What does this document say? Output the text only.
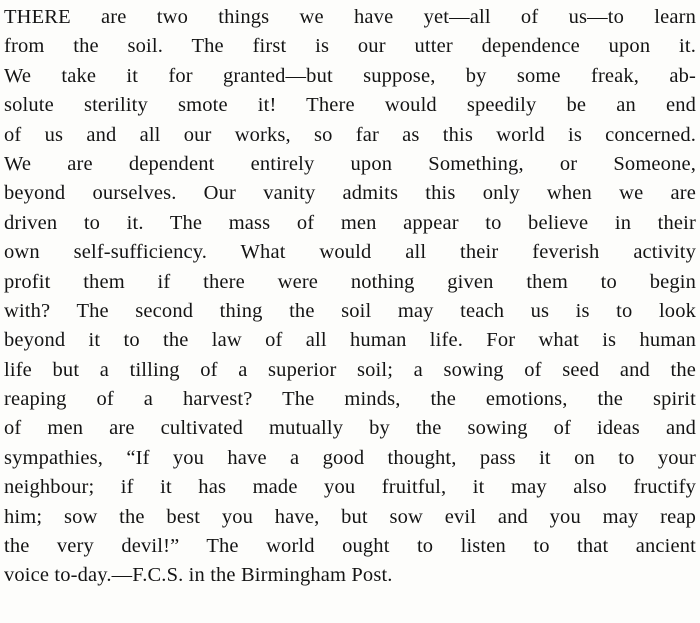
THERE are two things we have yet—all of us—to learn
from the soil. The first is our utter dependence upon it.
We take it for granted—but suppose, by some freak, ab-
solute sterility smote it! There would speedily be an end
of us and all our works, so far as this world is concerned.
We are dependent entirely upon Something, or Someone,
beyond ourselves. Our vanity admits this only when we are
driven to it. The mass of men appear to believe in their
own self-sufficiency. What would all their feverish activity
profit them if there were nothing given them to begin
with? The second thing the soil may teach us is to look
beyond it to the law of all human life. For what is human
life but a tilling of a superior soil; a sowing of seed and the
reaping of a harvest? The minds, the emotions, the spirit
of men are cultivated mutually by the sowing of ideas and
sympathies, “If you have a good thought, pass it on to your
neighbour; if it has made you fruitful, it may also fructify
him; sow the best you have, but sow evil and you may reap
the very devil!” The world ought to listen to that ancient
voice to-day.—F.C.S. in the Birmingham Post.
